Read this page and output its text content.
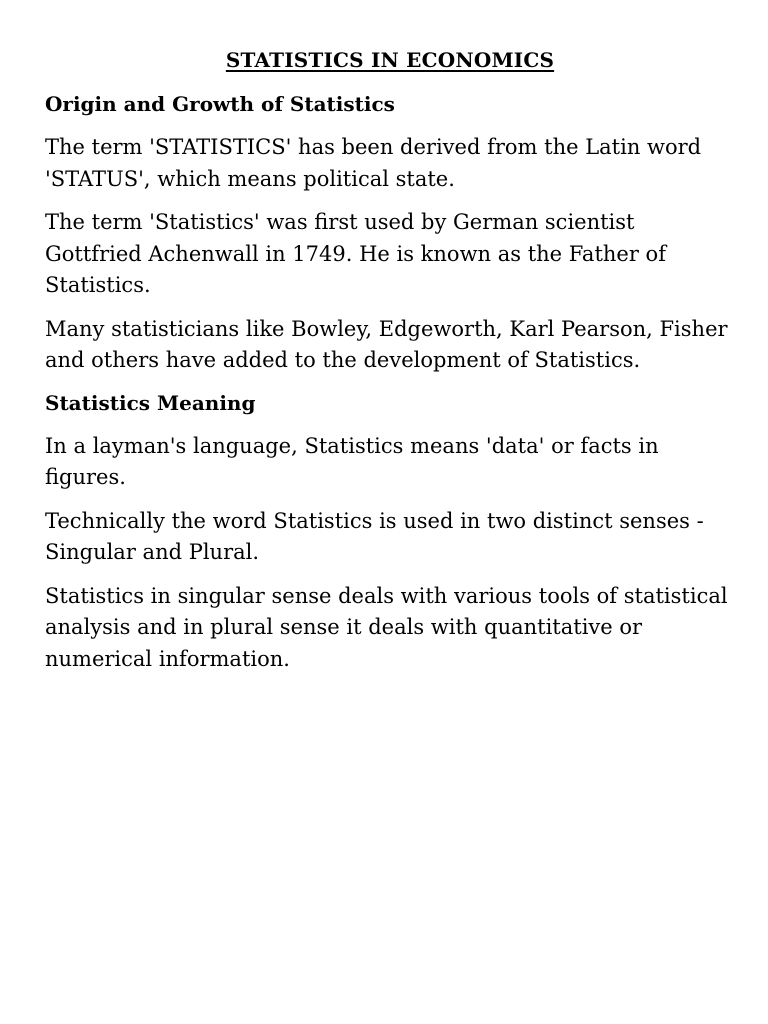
STATISTICS IN ECONOMICS
Origin and Growth of Statistics

The term 'STATISTICS' has been derived from the Latin word 'STATUS', which means political state.

The term 'Statistics' was first used by German scientist Gottfried Achenwall in 1749. He is known as the Father of Statistics.

Many statisticians like Bowley, Edgeworth, Karl Pearson, Fisher and others have added to the development of Statistics.

Statistics Meaning

In a layman's language, Statistics means 'data' or facts in figures.

Technically the word Statistics is used in two distinct senses - Singular and Plural.

Statistics in singular sense deals with various tools of statistical analysis and in plural sense it deals with quantitative or numerical information.
